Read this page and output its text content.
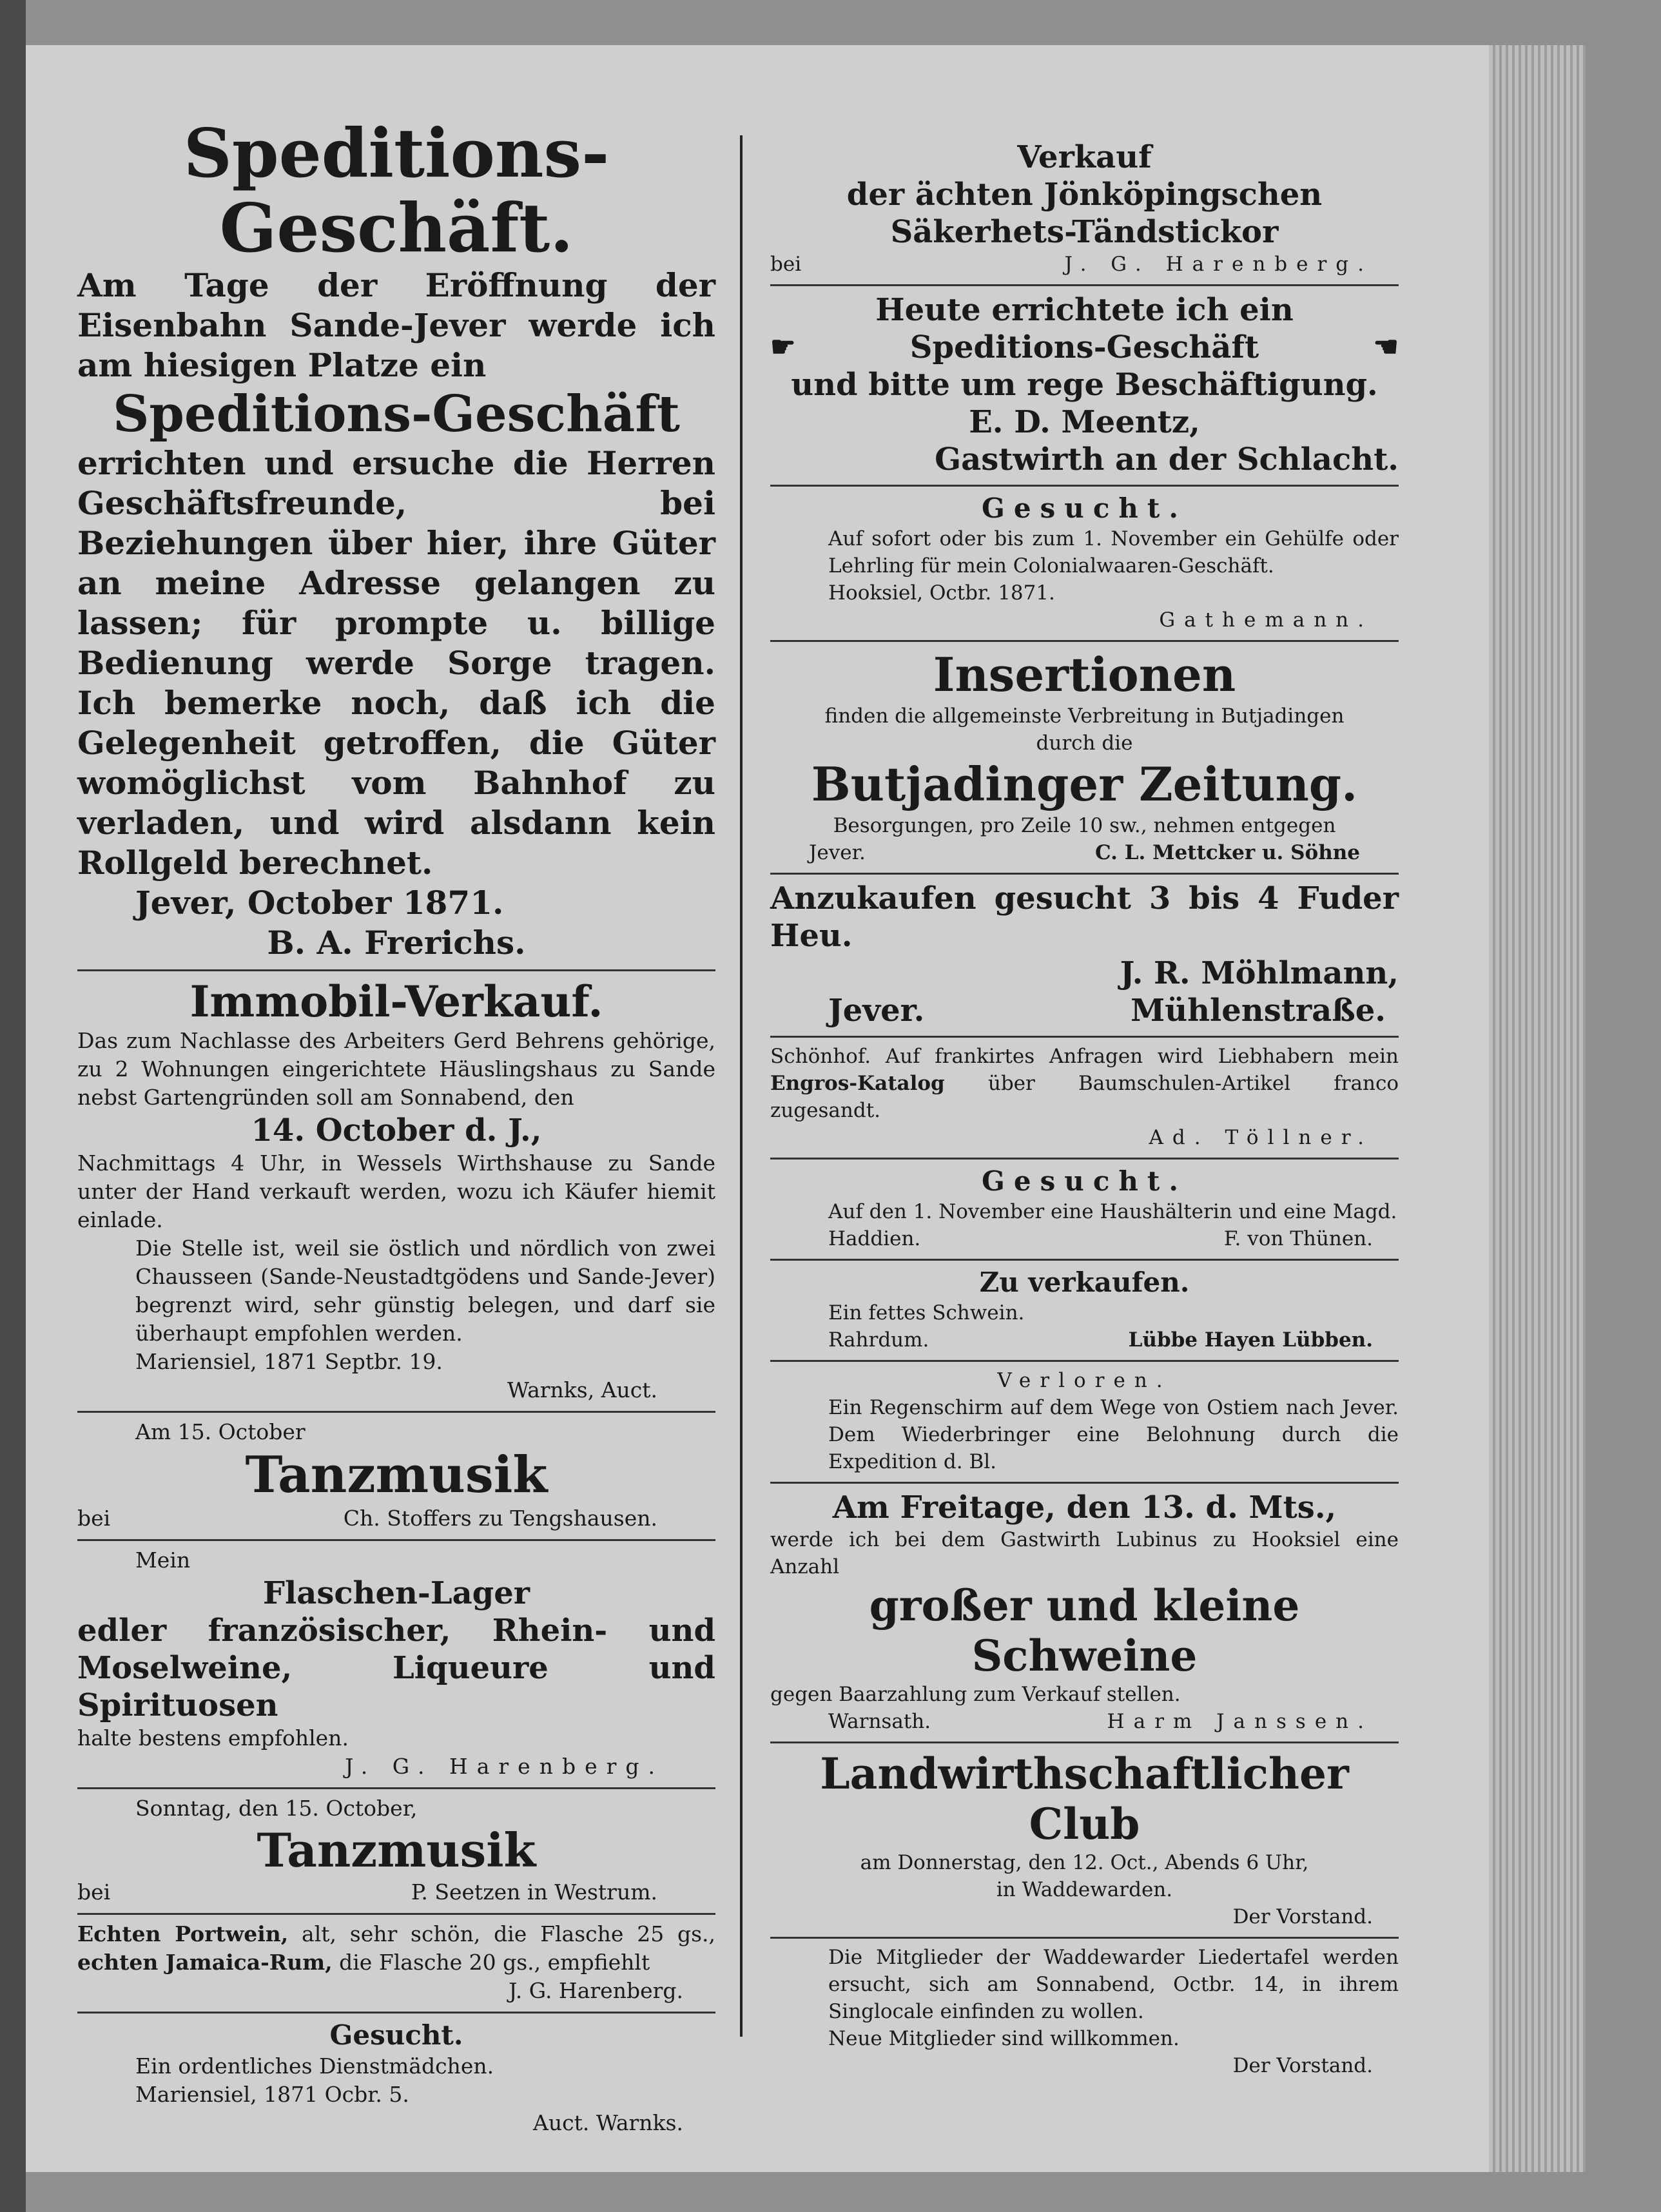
Speditions-Geschäft.
Am Tage der Eröffnung der Eisenbahn Sande-Jever werde ich am hiesigen Platze ein
Speditions-Geschäft
errichten und ersuche die Herren Geschäftsfreunde, bei Beziehungen über hier, ihre Güter an meine Adresse gelangen zu lassen; für prompte u. billige Bedienung werde Sorge tragen. Ich bemerke noch, daß ich die Gelegenheit getroffen, die Güter womöglichst vom Bahnhof zu verladen, und wird alsdann kein Rollgeld berechnet.
Jever, October 1871.
B. A. Frerichs.
Immobil-Verkauf.
Das zum Nachlasse des Arbeiters Gerd Behrens gehörige, zu 2 Wohnungen eingerichtete Häuslingshaus zu Sande nebst Gartengründen soll am Sonnabend, den
14. October d. J.,
Nachmittags 4 Uhr, in Wessels Wirthshause zu Sande unter der Hand verkauft werden, wozu ich Käufer hiemit einlade.
Die Stelle ist, weil sie östlich und nördlich von zwei Chausseen (Sande-Neustadtgödens und Sande-Jever) begrenzt wird, sehr günstig belegen, und darf sie überhaupt empfohlen werden.
Mariensiel, 1871 Septbr. 19.
Warnks, Auct.
Am 15. October
Tanzmusik
bei	Ch. Stoffers zu Tengshausen.
Mein
Flaschen-Lager
edler französischer, Rhein- und Moselweine, Liqueure und Spirituosen
halte bestens empfohlen.
J. G. Harenberg.
Sonntag, den 15. October,
Tanzmusik
bei	P. Seetzen in Westrum.
Echten Portwein, alt, sehr schön, die Flasche 25 gs., echten Jamaica-Rum, die Flasche 20 gs., empfiehlt
J. G. Harenberg.
Gesucht.
Ein ordentliches Dienstmädchen.
Mariensiel, 1871 Ocbr. 5.
Auct. Warnks.
Verkauf
der ächten Jönköpingschen
Säkerhets-Tändstickor
bei	J. G. Harenberg.
Heute errichtete ich ein
☛	Speditions-Geschäft	☚
und bitte um rege Beschäftigung.
E. D. Meentz,
Gastwirth an der Schlacht.
Gesucht.
Auf sofort oder bis zum 1. November ein Gehülfe oder Lehrling für mein Colonialwaaren-Geschäft.
Hooksiel, Octbr. 1871.
Gathemann.
Insertionen
finden die allgemeinste Verbreitung in Butjadingen
durch die
Butjadinger Zeitung.
Besorgungen, pro Zeile 10 sw., nehmen entgegen
Jever.	C. L. Mettcker u. Söhne
Anzukaufen gesucht 3 bis 4 Fuder Heu.
J. R. Möhlmann,
Jever.	Mühlenstraße.
Schönhof. Auf frankirtes Anfragen wird Liebhabern mein Engros-Katalog über Baumschulen-Artikel franco zugesandt.
Ad. Töllner.
Gesucht.
Auf den 1. November eine Haushälterin und eine Magd.
Haddien.	F. von Thünen.
Zu verkaufen.
Ein fettes Schwein.
Rahrdum.	Lübbe Hayen Lübben.
Verloren.
Ein Regenschirm auf dem Wege von Ostiem nach Jever. Dem Wiederbringer eine Belohnung durch die Expedition d. Bl.
Am Freitage, den 13. d. Mts.,
werde ich bei dem Gastwirth Lubinus zu Hooksiel eine Anzahl
großer und kleine Schweine
gegen Baarzahlung zum Verkauf stellen.
Warnsath.	Harm Janssen.
Landwirthschaftlicher Club
am Donnerstag, den 12. Oct., Abends 6 Uhr,
in Waddewarden.
Der Vorstand.
Die Mitglieder der Waddewarder Liedertafel werden ersucht, sich am Sonnabend, Octbr. 14, in ihrem Singlocale einfinden zu wollen.
Neue Mitglieder sind willkommen.
Der Vorstand.
